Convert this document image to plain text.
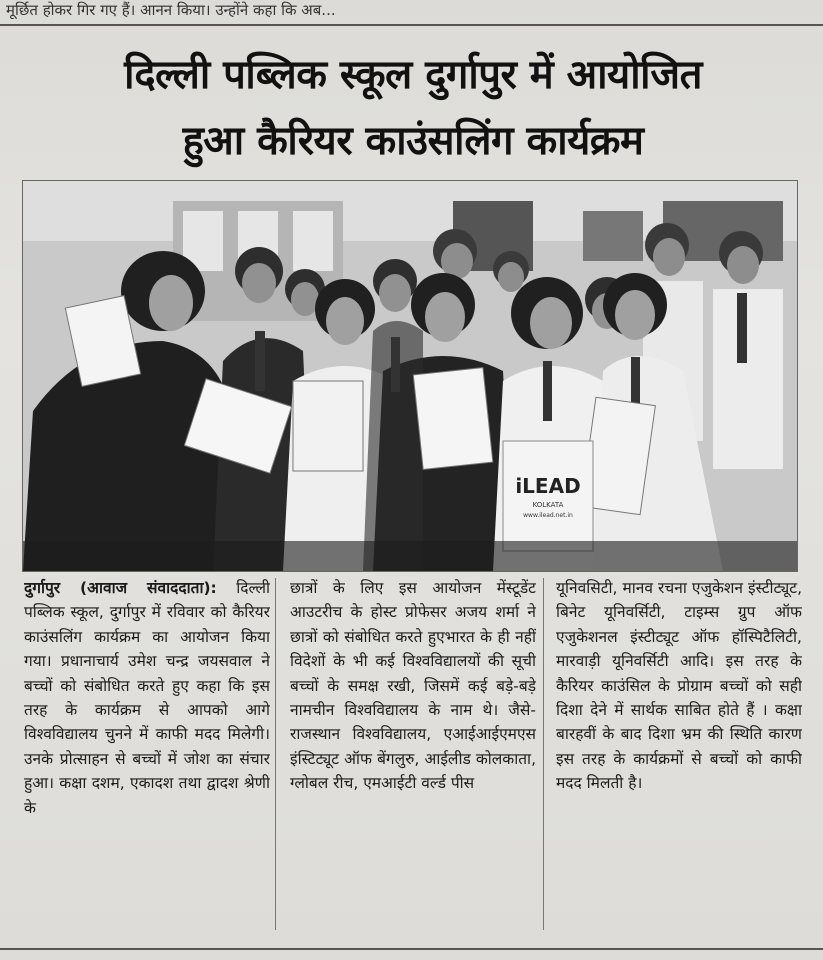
मूर्छित होकर गिर गए हैं। आनन किया। उन्होंने कहा कि अब...
दिल्ली पब्लिक स्कूल दुर्गापुर में आयोजित
हुआ कैरियर काउंसलिंग कार्यक्रम
iLEAD
KOLKATA
www.ilead.net.in
दुर्गापुर (आवाज संवाददाता): दिल्ली पब्लिक स्कूल, दुर्गापुर में रविवार को कैरियर काउंसलिंग कार्यक्रम का आयोजन किया गया। प्रधानाचार्य उमेश चन्द्र जयसवाल ने बच्चों को संबोधित करते हुए कहा कि इस तरह के कार्यक्रम से आपको आगे विश्वविद्यालय चुनने में काफी मदद मिलेगी। उनके प्रोत्साहन से बच्चों में जोश का संचार हुआ। कक्षा दशम, एकादश तथा द्वादश श्रेणी के
छात्रों के लिए इस आयोजन मेंस्टूडेंट आउटरीच के होस्ट प्रोफेसर अजय शर्मा ने छात्रों को संबोधित करते हुएभारत के ही नहीं विदेशों के भी कई विश्वविद्यालयों की सूची बच्चों के समक्ष रखी, जिसमें कई बड़े-बड़े नामचीन विश्वविद्यालय के नाम थे। जैसे- राजस्थान विश्वविद्यालय, एआईआईएमएस इंस्टिट्यूट ऑफ बेंगलुरु, आईलीड कोलकाता, ग्लोबल रीच, एमआईटी वर्ल्ड पीस
यूनिवसिटी, मानव रचना एजुकेशन इंस्टीट्यूट, बिनेट यूनिवर्सिटी, टाइम्स ग्रुप ऑफ एजुकेशनल इंस्टीट्यूट ऑफ हॉस्पिटैलिटी, मारवाड़ी यूनिवर्सिटी आदि। इस तरह के कैरियर काउंसिल के प्रोग्राम बच्चों को सही दिशा देने में सार्थक साबित होते हैं । कक्षा बारहवीं के बाद दिशा भ्रम की स्थिति कारण इस तरह के कार्यक्रमों से बच्चों को काफी मदद मिलती है।
